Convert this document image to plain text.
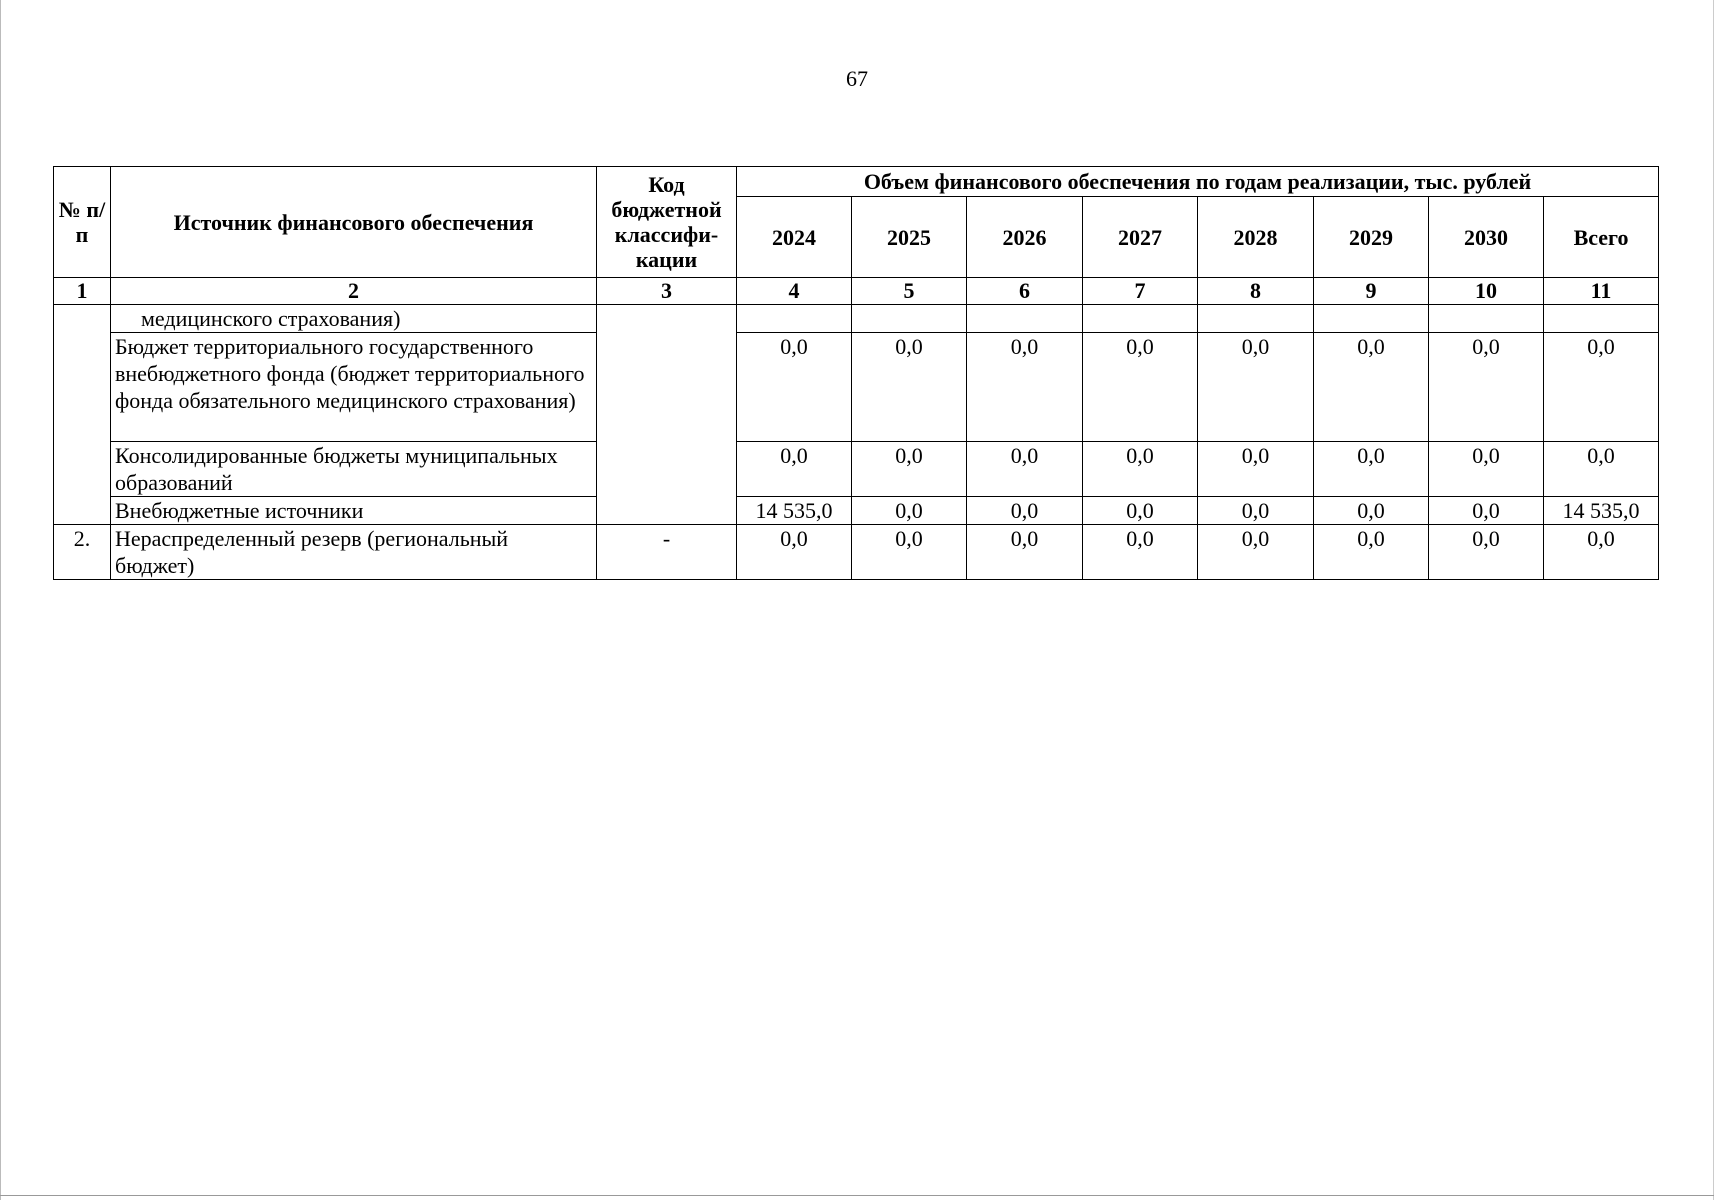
67
№ п/п	Источник финансового обеспечения	Код бюджетной классифи-кации	Объем финансового обеспечения по годам реализации, тыс. рублей							
			2024	2025	2026	2027	2028	2029	2030	Всего
1	2	3	4	5	6	7	8	9	10	11
	медицинского страхования)									
	Бюджет территориального государственного внебюджетного фонда (бюджет территориального фонда обязательного медицинского страхования)		0,0	0,0	0,0	0,0	0,0	0,0	0,0	0,0
	Консолидированные бюджеты муниципальных образований		0,0	0,0	0,0	0,0	0,0	0,0	0,0	0,0
	Внебюджетные источники		14 535,0	0,0	0,0	0,0	0,0	0,0	0,0	14 535,0
2.	Нераспределенный резерв (региональный бюджет)	-	0,0	0,0	0,0	0,0	0,0	0,0	0,0	0,0
